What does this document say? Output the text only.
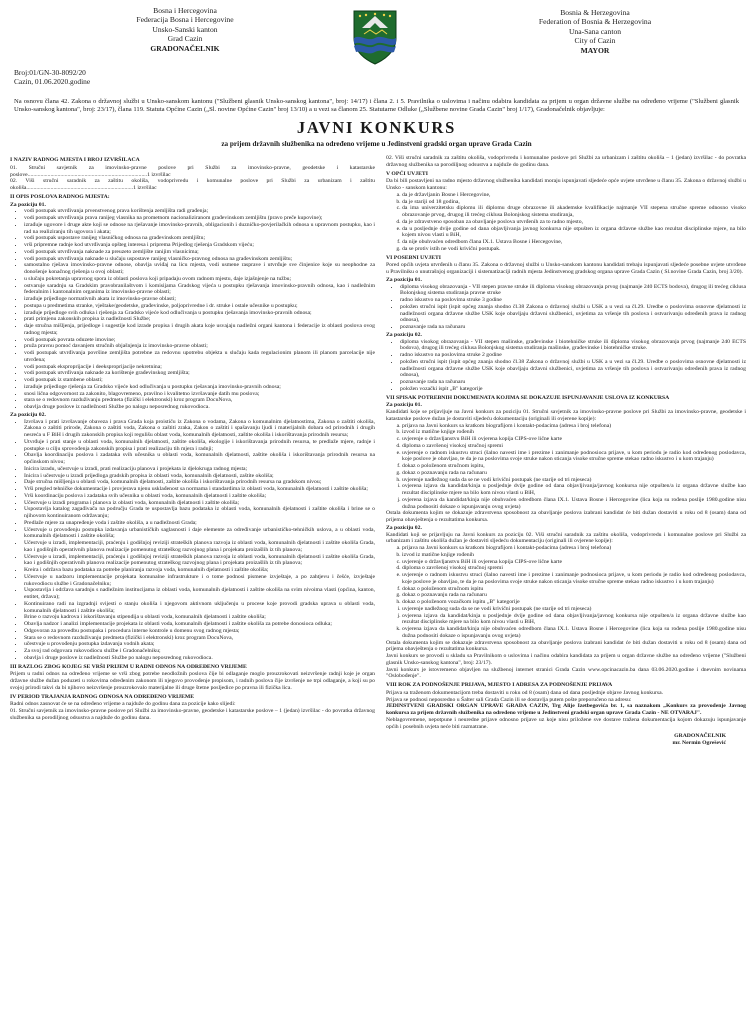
Bosna i Hercegovina
Federacija Bosna i Hercegovine
Unsko-Sanski kanton
Grad Cazin
GRADONAČELNIK
Bosnia & Herzegovina
Federation of Bosnia & Herzegovina
Una-Sana canton
City of Cazin
MAYOR
Broj:01/GN-30-8092/20
Cazin, 01.06.2020.godine
Na osnovu člana 42. Zakona o državnoj službi u Unsko-sanskom kantonu ("Službeni glasnik Unsko-sanskog kantona", broj: 14/17) i člana 2. i 5. Pravilnika o uslovima i načinu odabira kandidata za prijem u organ državne službe na određeno vrijeme ("Službeni glasnik Unsko-sanskog kantona", broj: 23/17), člana 119. Statuta Općine Cazin („Sl. novine Općine Cazin" broj 13/10) a u vezi sa članom 25. Statutarne Odluke („Službene novine Grada Cazin" broj 1/17), Gradonačelnik objavljuje:
JAVNI KONKURS
za prijem državnih službenika na određeno vrijeme u Jedinstveni gradski organ uprave Grada Cazin
I NAZIV RADNOG MJESTA I BROJ IZVRŠILACA
01. Stručni savjetnik za imovinsko-pravne poslove pri Službi za imovinsko-pravne, geodetske i katastarske poslove....................................................................................1 izvršilac
02. Viši stručni saradnik za zaštitu okoliša, vodoprivredu i komunalne poslove pri Službi za urbanizam i zaštitu okoliša...........................................................................1 izvršilac
II OPIS POSLOVA RADNOG MJESTA:
Za poziciju 01.
• vodi postupak utvrđivanja prvenstvenog prava korištenja zemljišta radi građenja;
• vodi postupak utvrđivanja prava ranijeg vlasnika na prometnom nacionaliziranom građevinskom zemljištu (pravo preče kupovine);
• izrađuje ugovore i druge akte koji se odnose na rješavanje imovinsko-pravnih, obligacionih i duzničko-povjerilačkih odnosa u upravnom postupku, kao i rad na realiziranju tih ugovora i akata;
• vodi postupak uspostave ranijeg vlasničkog odnosa na građevinskom zemljištu;
• vrši pripremne radnje kod utvrđivanja opšteg interesa i priprema Prijedlog rješenja Gradskom vijeću;
• vodi postupak utvrđivanja naknade za preuzeto zemljište ranijim vlasnicima;
• vodi postupak utvrđivanja naknade u slučaju uspostave ranijeg vlasničko-pravnog odnosa na građevinskom zemljištu;
• samostalno rješava imovinsko-pravne odnose, obavlja uviđaj na licu mjesta, vodi usmene rasprave i utvrđuje sve činjenice koje su neophodne za donošenje konačnog rješenja u ovoj oblasti;
• u slučaju pokretanja upravnog spora iz oblasti poslova koji pripadaju ovom radnom mjestu, daje izjašnjenje na tužbu;
• ostvaruje saradnju sa Gradskim pravobranilaštvom i komisijama Gradskog vijeća u postupku rješavanja imovinsko-pravnih odnosa, kao i nadležnim federalnim i kantonalnim organima iz imovinsko-pravne oblasti;
• izrađuje prijedloge normativnih akata iz imovinsko-pravne oblasti;
• postupa u predmetima stranke, vještake/geodetske, građevinske, poljoprivredne i dr. struke i ostale učesnike u postupku;
• izrađuje prijedloge svih odluka i rješenja za Gradsko vijeće kod odlučivanja u postupku rješavanja imovinsko-pravnih odnosa;
• prati primjenu zakonskih propisa iz nadležnosti Službe;
• daje stručna mišljenja, prijedloge i sugestije kod izrade propisa i drugih akata koje usvajaju nadležni organi kantona i federacije iz oblasti poslova ovog radnog mjesta;
• vodi postupak povrata oduzete imovine;
• pruža pravnu pomoć davanjem stručnih objašnjenja iz imovinsko-pravne oblasti;
• vodi postupak utvrđivanja površine zemljišta potrebne za redovnu upotrebu objekta u slučaju kada regulacionim planom ili planom parcelacije nije utvrđena;
• vodi postupak eksproprijacije i deeksproprijacije nekretnina;
• vodi postupak utvrđivanja naknade za korištenje građevinskog zemljišta;
• vodi postupak iz stambene oblasti;
• izrađuje prijedloge rješenja za Gradsko vijeće kod odlučivanja u postupku rješavanja imovinsko-pravnih odnosa;
• snosi lična odgovornost za zakonito, blagovremeno, pravilno i kvalitetno izvršavanje datih mu poslova;
• stara se o redovnom razduživanju predmeta (fizički i elektronski) kroz program DocuNova,
• obavlja druge poslove iz nadležnosti Službe po nalogu neposrednog rukovodioca.
Za poziciju 02.
• Izvršava i prati izvršavanje obaveza i prava Grada koja proističu iz Zakona o vodama, Zakona o komunalnim djelatnostima, Zakona o zaštiti okoliša, Zakona o zaštiti prirode, Zakona o zaštiti voda, Zakona o zaštiti zraka, Zakon o zaštiti i spašavanju ljudi i materijalnih dobara od prirodnih i drugih nesreća u F BiH i drugih zakonskih propisa koji regulišu oblast voda, komunalnih djelatnosti, zaštite okoliša i iskorištavanja prirodnih resursa;
• Utvrđuje i prati stanje u oblasti voda, komunalnih djelatnosti, zaštite okoliša, ekologije i iskorištavanja prirodnih resursa, te predlaže mjere, radnje i postupke u cilju sprovođenja zakonskih propisa i prati realizaciju tih mjera i radnji;
• Obavlja koordinaciju poslova i zadataka svih učesnika u oblasti voda, komunalnih djelatnosti, zaštite okoliša i iskorištavanja prirodnih resursa na općinskom nivou;
• Inicira izradu, učestvuje u izradi, prati realizaciju planova i projekata iz djelokruga radnog mjesta;
• Inicira i učestvuje u izradi prijedloga gradskih propisa iz oblasti voda, komunalnih djelatnosti, zaštite okoliša;
• Daje stručna mišljenja u oblasti voda, komunalnih djelatnosti, zaštite okoliša i iskorištavanja prirodnih resursa na gradskom nivou;
• Vrši pregled tehničke dokumentacije i provjerava njenu usklađenost sa normama i standardima iz oblasti voda, komunalnih djelatnosti i zaštite okoliša;
• Vrši koordinaciju poslova i zadataka svih učesnika u oblasti voda, komunalnih djelatnosti i zaštite okoliša;
• Učestvuje u izradi programa i planova iz oblasti voda, komunalnih djelatnosti i zaštite okoliša;
• Uspostavlja katalog zagađivača na području Grada te uspostavlja bazu podataka iz oblasti voda, komunalnih djelatnosti i zaštite okoliša i brine se o njihovom kontinuiranom održavanju;
• Predlaže mjere za unapređenje voda i zaštite okoliša, a u nadležnosti Grada;
• Učestvuje u provođenju postupka izdavanja urbanističkih saglasnosti i daje elemente za određivanje urbanističko-tehničkih uslova, a u oblasti voda, komunalnih djelatnosti i zaštite okoliša;
• Učestvuje u izradi, implementaciji, praćenju i godišnjoj reviziji strateških planova razvoja iz oblasti voda, komunalnih djelatnosti i zaštite okoliša Grada, kao i godišnjih operativnih planova realizacije pomenutog strateškog razvojnog plana i projekata proizašlih iz tih planova;
• Učestvuje u izradi, implementaciji, praćenju i godišnjoj reviziji strateških planova razvoja iz oblasti voda, komunalnih djelatnosti i zaštite okoliša Grada, kao i godišnjih operativnih planova realizacije pomenutog strateškog razvojnog plana i projekata proizašlih iz tih planova;
• Kreira i održava bazu podataka za potrebe planiranja razvoja voda, komunalnih djelatnosti i zaštite okoliša;
• Učestvuje u nadzoru implementacije projekata komunalne infrastrukture i o tome podnosi pismene izvještaje, a po zahtjevu i češće, izvještaje rukovodiocu službe i Gradonačelniku;
• Uspostavlja i održava saradnju s nadležnim institucijama iz oblasti voda, komunalnih djelatnosti i zaštite okoliša na svim nivoima vlasti (općina, kanton, entitet, država);
• Kontinuirano radi na izgradnji svijesti o stanju okoliša i njegovom aktivnom uključenju u procese koje provodi gradska uprava u oblasti voda, komunalnih djelatnosti i zaštite okoliša;
• Brine o razvoju kadrova i iskorištavanju stipendija u oblasti voda, komunalnih djelatnosti i zaštite okoliša;
• Obavlja nadzor i analizi implementacije projekata iz oblasti voda, komunalnih djelatnosti i zaštite okoliša za potrebe donosioca odluka;
• Odgovoran za provedbu postupaka i procedura interne kontrole u domenu svog radnog mjesta;
• Stara se o redovnom razduživanju predmeta (fizički i elektronski) kroz program DocuNova,
• učestvuje u provođenju postupka izdavanja vodnih akata;
• Za svoj rad odgovara rukovodiocu službe i Gradonačelniku;
• obavlja i druge poslove iz nadležnosti Službe po nalogu neposrednog rukovodioca.
III RAZLOG ZBOG KOJEG SE VRŠI PRIJEM U RADNI ODNOS NA ODREĐENO VRIJEME
Prijem u radni odnos na određeno vrijeme se vrši zbog potrebe neodložnih poslova čije bi odlaganje moglo prouzrokovati neizvršenje radnji koje je organ državne službe dužan poduzeti u rokovima određenim zakonom ili njegovo provođenje propisom, i radnih poslova čije izvršenje ne trpi odlaganje, a koji su po svojoj prirodi takvi da bi njihovo neizvršenje prouzrokovalo materijalne ili druge štetne posljedice po pravna ili fizička lica.
IV PERIOD TRAJANJA RADNOG ODNOSA NA ODREĐENO VRIJEME
Radni odnos zasnovat će se na određeno vrijeme a najduže do godinu dana za pozicije kako slijedi:
01. Stručni savjetnik za imovinsko-pravne poslove pri Službi za imovinsko-pravne, geodetske i katastarske poslove – 1 (jedan) izvršilac - do povratka državnog službenika sa porodiljnog odsustva a najduže do godinu dana.
02. Viši stručni saradnik za zaštitu okoliša, vodoprivredu i komunalne poslove pri Službi za urbanizam i zaštitu okoliša – 1 (jedan) izvršilac - do povratka državnog službenika sa porodiljnog odsustva a najduže do godinu dana.
V OPĆI UVJETI
Da bi bili postavljeni na radno mjesto državnog službenika kandidati moraju ispunjavati sljedeće opće uvjete utvrđene u članu 35. Zakona o državnoj službi u Unsko - sanskom kantonu:
a. da je državljanin Bosne i Hercegovine,
b. da je stariji od 18 godina,
c. da ima univerzitetsku diplomu ili diplomu druge obrazovne ili akademske kvalifikacije najmanje VII stepena stručne spreme odnosno visoko obrazovanje prvog, drugog ili trećeg ciklusa Bolonjskog sistema studiranja,
d. da je zdravstveno sposoban za obavljanje poslova utvrđenih za to radno mjesto,
e. da u posljednje dvije godine od dana objavljivanja javnog konkursa nije otpušten iz organa državne službe kao rezultat disciplinske mjere, na bilo kojem nivou vlasti u BiH,
f. da nije obuhvaćen odredbom člana IX.1. Ustava Bosne i Hercegovine,
g. da se protiv istih ne vodi krivični postupak.
VI POSEBNI UVJETI
Pored općih uvjeta utvrđenih u članu 35. Zakona o državnoj službi u Unsko-sanskom kantonu kandidati trebaju ispunjavati sljedeće posebne uvjete utvrđene u Pravilniku o unutrašnjoj organizaciji i sistematizaciji radnih mjesta Jedinstvenog gradskog organa uprave Grada Cazin ( Sl.novine Grada Cazin, broj 3/20).
Za poziciju 01.
• diploma visokog obrazovanja - VII stepen pravne struke ili diploma visokog obrazovanja prvog (najmanje 240 ECTS bodova), drugog ili trećeg ciklusa Bolonjskog sistema studiranja pravne struke
• radno iskustvo na poslovima struke 3 godine
• položen stručni ispit (ispit općeg znanja shodno čl.38 Zakona o državnoj službi u USK a u vezi sa čl.29. Uredbe o poslovima osnovne djelatnosti iz nadležnosti organa državne službe USK koje obavljaju državni službenici, uvjetima za vršenje tih poslova i ostvarivanju određenih prava iz radnog odnosa),
• poznavanje rada na računaru
Za poziciju 02.
• diploma visokog obrazovanja - VII stepen mašinske, građevinske i biotehničke struke ili diploma visokog obrazovanja prvog (najmanje 240 ECTS bodova), drugog ili trećeg ciklusa Bolonjskog sistema studiranja mašinske, građevinske i biotehničke struke.
• radno iskustvo na poslovima struke 2 godine
• položen stručni ispit (ispit općeg znanja shodno čl.38 Zakona o državnoj službi u USK a u vezi sa čl.29. Uredbe o poslovima osnovne djelatnosti iz nadležnosti organa državne službe USK koje obavljaju državni službenici, uvjetima za vršenje tih poslova i ostvarivanju određenih prava iz radnog odnosa),
• poznavanje rada na računaru
• položen vozački ispit „B" kategorije
VII SPISAK POTREBNIH DOKUMENATA KOJIMA SE DOKAZUJE ISPUNJAVANJE USLOVA IZ KONKURSA
Za poziciju 01.
Kandidati koje se prijavljuje na Javni konkurs za poziciju 01. Stručni savjetnik za imovinsko-pravne poslove pri Službi za imovinsko-pravne, geodetske i katastarske poslove dužan je dostaviti sljedeću dokumentaciju (originali ili ovjerene kopije):
a. prijava na Javni konkurs sa kratkom biografijom i kontakt-podacima (adresa i broj telefona)
b. izvod iz matične knjige rođenih
c. uvjerenje o državljanstvu BiH ili ovjerena kopija CIPS-ove lične karte
d. diploma o završenoj visokoj stručnoj spremi
e. uvjerenje o radnom iskustvu struci (šalno navesti ime i prezime i zanimanje podnosioca prijave, u kom periodu je radio kod određenog poslodavca, koje poslove je obavljao, te da je na poslovima svoje struke nakon sticanja visoke stručne spreme stekao radno iskustvo i u kom trajanju)
f. dokaz o položenom stručnom ispitu,
g. dokaz o poznavanju rada na računaru
h. uvjerenje nadležnog suda da se ne vodi krivični postupak (ne starije od tri mjeseca)
i. ovjerena izjava da kandidat/kinja u posljednje dvije godine od dana objavljivanja/javnog konkursa nije otpušten/a iz organa državne službe kao rezultat disciplinske mjere na bilo kom nivou vlasti u BiH,
j. ovjerena izjava da kandidat/kinja nije obuhvaćen odredbom člana IX.1. Ustava Bosne i Hercegovine (lica koja su rođena poslije 1980.godine nisu dužna podnositi dokaze o ispunjavanju ovog uvjeta)
Ostala dokumenta kojim se dokazuje zdravstvena sposobnost za obavljanje poslova izabrani kandidat će biti dužan dostaviti u roku od 8 (osam) dana od prijema obavještenja o rezultatima konkursa.
Za poziciju 02.
Kandidati koji se prijavljuju na Javni konkurs za poziciju 02. Viši stručni saradnik za zaštitu okoliša, vodoprivredu i komunalne poslove pri Službi za urbanizam i zaštitu okoliša dužan je dostaviti sljedeću dokumentaciju (originali ili ovjerene kopije):
a. prijava na Javni konkurs sa kratkom biografijom i kontakt-podacima (adresa i broj telefona)
b. izvod iz matične knjige rođenih
c. uvjerenje o državljanstvu BiH ili ovjerena kopija CIPS-ove lične karte
d. diploma o završenoj visokoj stručnoj spremi
e. uvjerenje o radnom iskustvu struci (šalno navesti ime i prezime i zanimanje podnosioca prijave, u kom periodu je radio kod određenog poslodavca, koje poslove je obavljao, te da je na poslovima svoje struke nakon sticanja visoke stručne spreme stekao radno iskustvo i u kom trajanju)
f. dokaz o položenom stručnom ispitu
g. dokaz o poznavanju rada na računaru
h. dokaz o položenom vozačkom ispitu „B" kategorije
i. uvjerenje nadležnog suda da se ne vodi krivični postupak (ne starije od tri mjeseca)
j. ovjerena izjava da kandidat/kinja u posljednje dvije godine od dana objavljivanja/javnog konkursa nije otpušten/a iz organa državne službe kao rezultat disciplinske mjere na bilo kom nivou vlasti u BiH,
k. ovjerena izjava da kandidat/kinja nije obuhvaćen odredbom člana IX.1. Ustava Bosne i Hercegovine (lica koja su rođena poslije 1980.godine nisu dužna podnositi dokaze o ispunjavanju ovog uvjeta)
Ostala dokumenta kojim se dokazuje zdravstvena sposobnost za obavljanje poslova izabrani kandidat će biti dužan dostaviti u roku od 8 (osam) dana od prijema obavještenja o rezultatima konkursa.
Javni konkurs se provodi u skladu sa Pravilnikom o uslovima i načinu odabira kandidata za prijem u organ državne službe na određeno vrijeme ("Službeni glasnik Unsko-sanskog kantona", broj: 23/17).
Javni konkurs je istovremeno objavljen na službenoj internet stranici Grada Cazin www.opcinacazin.ba dana 03.06.2020.godine i dnevnim novinama "Oslobođenje".
VIII ROK ZA PODNOŠENJE PRIJAVA, MJESTO I ADRESA ZA PODNOŠENJE PRIJAVA
Prijava sa traženom dokumentacijom treba dostaviti u roku od 8 (osam) dana od dana posljednje objave Javnog konkursa.
Prijava se podnosi neposredno u Šalter sali Grada Cazin ili se dostavlja putem pošte preporučeno na adresu:
JEDINSTVENI GRADSKI ORGAN UPRAVE GRADA CAZIN, Trg Alije Izetbegovića br. 1, sa naznakom „Konkurs za provođenje Javnog konkursa za prijem državnih službenika na određeno vrijeme u Jedinstveni gradski organ uprave Grada Cazin - NE OTVARAJ".
Neblagovremene, nepotpune i neuredne prijave odnosno prijave uz koje nisu priložene sve dostave tražena dokumentacija kojom dokazuju ispunjavanje općih i posebnih uvjeta neće biti razmatrane.
GRADONAČELNIK
mr. Nermin Ogrešević
